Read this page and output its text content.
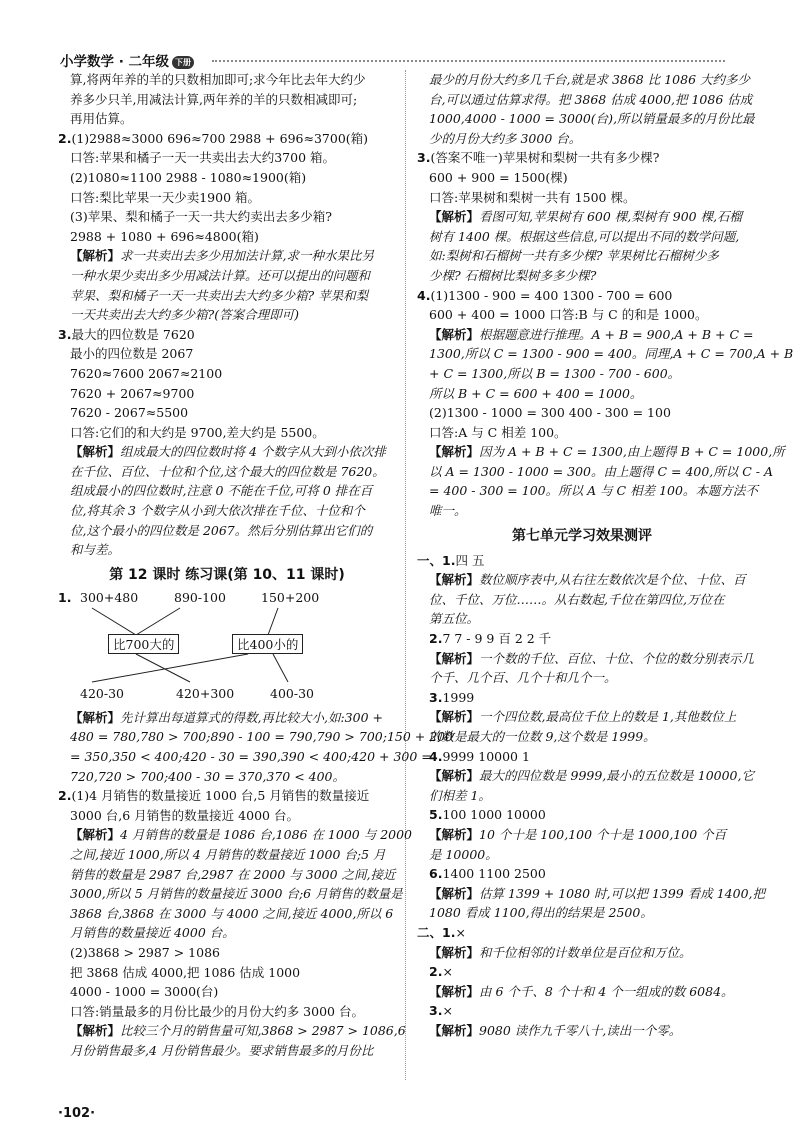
小学数学 · 二年级 下册
算,将两年养的羊的只数相加即可;求今年比去年大约少
养多少只羊,用减法计算,两年养的羊的只数相减即可;
再用估算。
2.(1)2988≈3000 696≈700 2988 + 696≈3700(箱)
口答:苹果和橘子一天一共卖出去大约3700 箱。
(2)1080≈1100 2988 - 1080≈1900(箱)
口答:梨比苹果一天少卖1900 箱。
(3)苹果、梨和橘子一天一共大约卖出去多少箱?
2988 + 1080 + 696≈4800(箱)
【解析】求一共卖出去多少用加法计算,求一种水果比另
一种水果少卖出多少用减法计算。还可以提出的问题和
苹果、梨和橘子一天一共卖出去大约多少箱? 苹果和梨
一天共卖出去大约多少箱?(答案合理即可)
3.最大的四位数是 7620
最小的四位数是 2067
7620≈7600 2067≈2100
7620 + 2067≈9700
7620 - 2067≈5500
口答:它们的和大约是 9700,差大约是 5500。
【解析】组成最大的四位数时将 4 个数字从大到小依次排
在千位、百位、十位和个位,这个最大的四位数是 7620。
组成最小的四位数时,注意 0 不能在千位,可将 0 排在百
位,将其余 3 个数字从小到大依次排在千位、十位和个
位,这个最小的四位数是 2067。然后分别估算出它们的
和与差。
第 12 课时 练习课(第 10、11 课时)
1. 300+480	890-100	150+200
比700大的	比400小的
420-30	420+300	400-30
【解析】先计算出每道算式的得数,再比较大小,如:300 +
480 = 780,780 > 700;890 - 100 = 790,790 > 700;150 + 200
= 350,350 < 400;420 - 30 = 390,390 < 400;420 + 300 =
720,720 > 700;400 - 30 = 370,370 < 400。
2.(1)4 月销售的数量接近 1000 台,5 月销售的数量接近
3000 台,6 月销售的数量接近 4000 台。
【解析】4 月销售的数量是 1086 台,1086 在 1000 与 2000
之间,接近 1000,所以 4 月销售的数量接近 1000 台;5 月
销售的数量是 2987 台,2987 在 2000 与 3000 之间,接近
3000,所以 5 月销售的数量接近 3000 台;6 月销售的数量是
3868 台,3868 在 3000 与 4000 之间,接近 4000,所以 6
月销售的数量接近 4000 台。
(2)3868 > 2987 > 1086
把 3868 估成 4000,把 1086 估成 1000
4000 - 1000 = 3000(台)
口答:销量最多的月份比最少的月份大约多 3000 台。
【解析】比较三个月的销售量可知,3868 > 2987 > 1086,6
月份销售最多,4 月份销售最少。要求销售最多的月份比
最少的月份大约多几千台,就是求 3868 比 1086 大约多少
台,可以通过估算求得。把 3868 估成 4000,把 1086 估成
1000,4000 - 1000 = 3000(台),所以销量最多的月份比最
少的月份大约多 3000 台。
3.(答案不唯一)苹果树和梨树一共有多少棵?
600 + 900 = 1500(棵)
口答:苹果树和梨树一共有 1500 棵。
【解析】看图可知,苹果树有 600 棵,梨树有 900 棵,石榴
树有 1400 棵。根据这些信息,可以提出不同的数学问题,
如:梨树和石榴树一共有多少棵? 苹果树比石榴树少多
少棵? 石榴树比梨树多多少棵?
4.(1)1300 - 900 = 400 1300 - 700 = 600
600 + 400 = 1000 口答:B 与 C 的和是 1000。
【解析】根据题意进行推理。A + B = 900,A + B + C =
1300,所以 C = 1300 - 900 = 400。同理,A + C = 700,A + B
+ C = 1300,所以 B = 1300 - 700 - 600。
所以 B + C = 600 + 400 = 1000。
(2)1300 - 1000 = 300 400 - 300 = 100
口答:A 与 C 相差 100。
【解析】因为 A + B + C = 1300,由上题得 B + C = 1000,所
以 A = 1300 - 1000 = 300。由上题得 C = 400,所以 C - A
= 400 - 300 = 100。所以 A 与 C 相差 100。本题方法不
唯一。
第七单元学习效果测评
一、1.四 五
【解析】数位顺序表中,从右往左数依次是个位、十位、百
位、千位、万位……。从右数起,千位在第四位,万位在
第五位。
2.7 7 - 9 9 百 2 2 千
【解析】一个数的千位、百位、十位、个位的数分别表示几
个千、几个百、几个十和几个一。
3.1999
【解析】一个四位数,最高位千位上的数是 1,其他数位上
的数是最大的一位数 9,这个数是 1999。
4.9999 10000 1
【解析】最大的四位数是 9999,最小的五位数是 10000,它
们相差 1。
5.100 1000 10000
【解析】10 个十是 100,100 个十是 1000,100 个百
是 10000。
6.1400 1100 2500
【解析】估算 1399 + 1080 时,可以把 1399 看成 1400,把
1080 看成 1100,得出的结果是 2500。
二、1.×
【解析】和千位相邻的计数单位是百位和万位。
2.×
【解析】由 6 个千、8 个十和 4 个一组成的数 6084。
3.×
【解析】9080 读作九千零八十,读出一个零。
·102·
